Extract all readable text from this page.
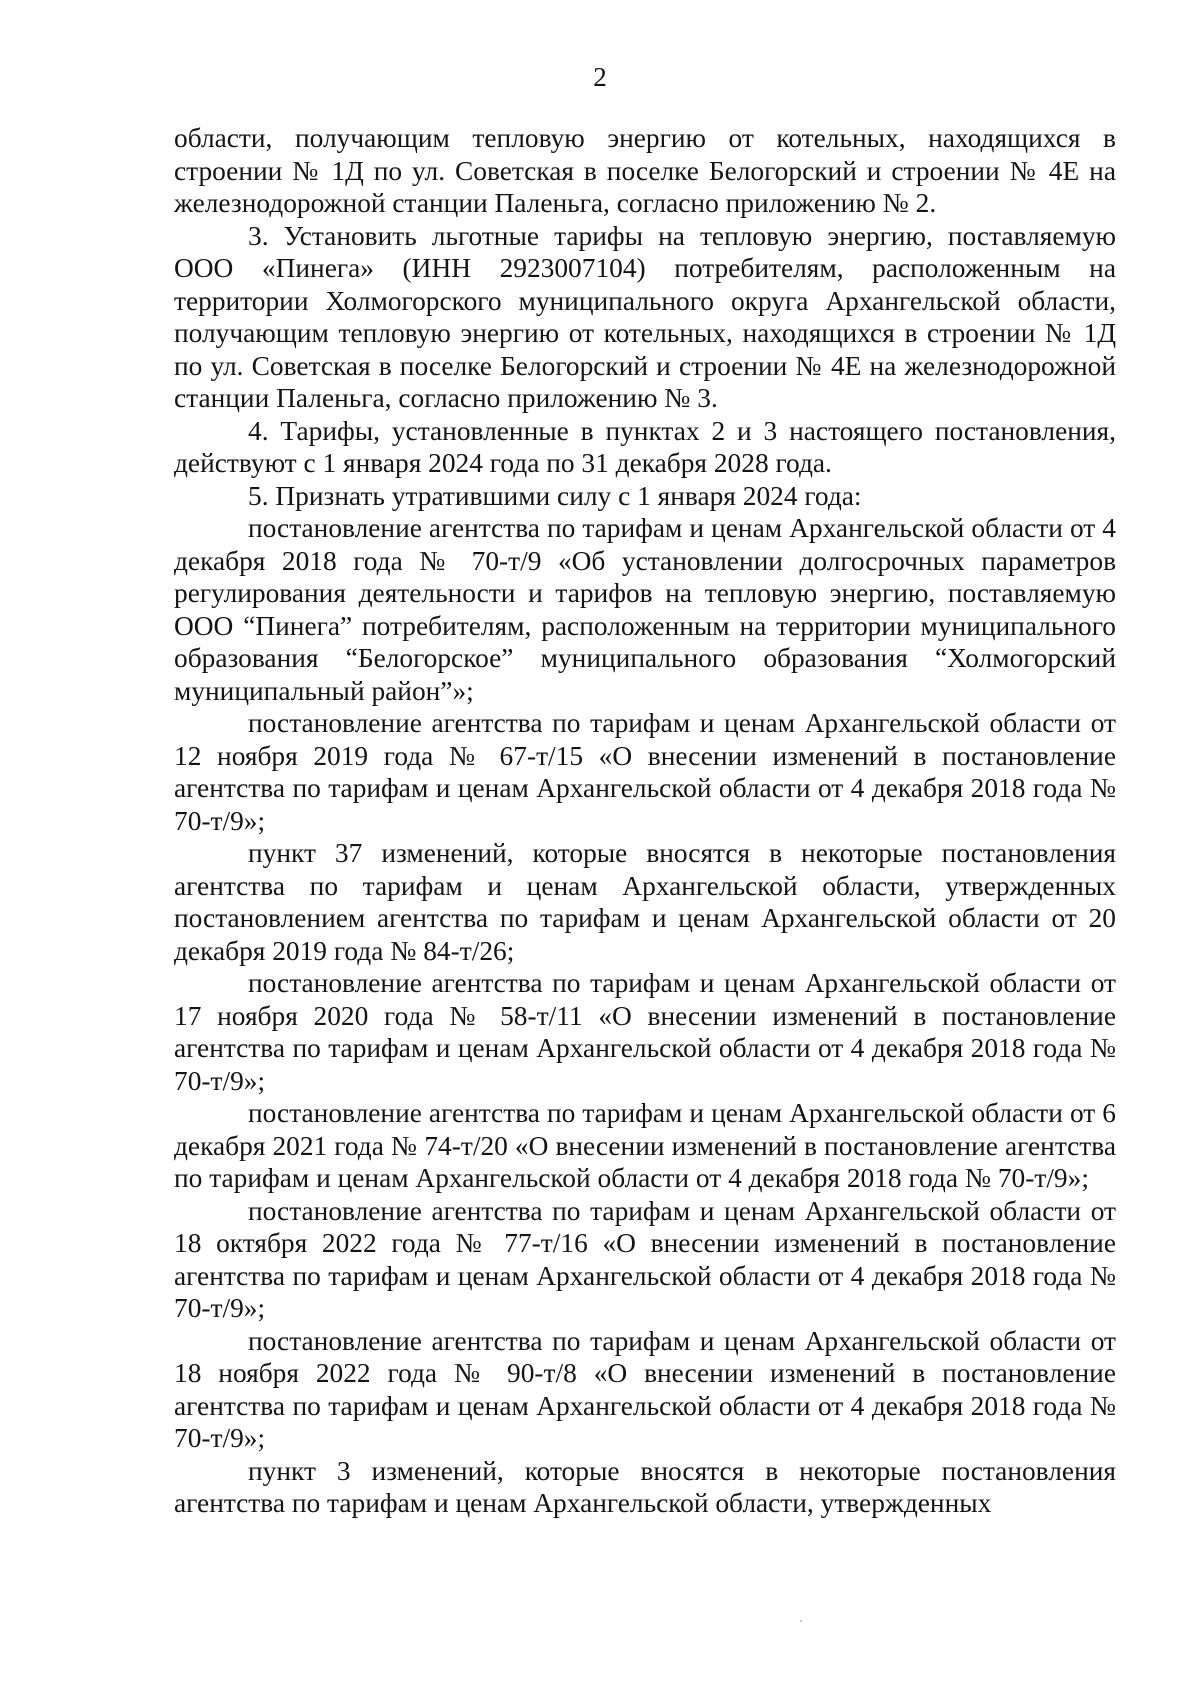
2

области, получающим тепловую энергию от котельных, находящихся в строении № 1Д по ул. Советская в поселке Белогорский и строении № 4Е на железнодорожной станции Паленьга, согласно приложению № 2.

3. Установить льготные тарифы на тепловую энергию, поставляемую ООО «Пинега» (ИНН 2923007104) потребителям, расположенным на территории Холмогорского муниципального округа Архангельской области, получающим тепловую энергию от котельных, находящихся в строении № 1Д по ул. Советская в поселке Белогорский и строении № 4Е на железнодорожной станции Паленьга, согласно приложению № 3.

4. Тарифы, установленные в пунктах 2 и 3 настоящего постановления, действуют с 1 января 2024 года по 31 декабря 2028 года.

5. Признать утратившими силу с 1 января 2024 года:

постановление агентства по тарифам и ценам Архангельской области от 4 декабря 2018 года № 70-т/9 «Об установлении долгосрочных параметров регулирования деятельности и тарифов на тепловую энергию, поставляемую ООО “Пинега” потребителям, расположенным на территории муниципального образования “Белогорское” муниципального образования “Холмогорский муниципальный район”»;

постановление агентства по тарифам и ценам Архангельской области от 12 ноября 2019 года № 67-т/15 «О внесении изменений в постановление агентства по тарифам и ценам Архангельской области от 4 декабря 2018 года № 70-т/9»;

пункт 37 изменений, которые вносятся в некоторые постановления агентства по тарифам и ценам Архангельской области, утвержденных постановлением агентства по тарифам и ценам Архангельской области от 20 декабря 2019 года № 84-т/26;

постановление агентства по тарифам и ценам Архангельской области от 17 ноября 2020 года № 58-т/11 «О внесении изменений в постановление агентства по тарифам и ценам Архангельской области от 4 декабря 2018 года № 70-т/9»;

постановление агентства по тарифам и ценам Архангельской области от 6 декабря 2021 года № 74-т/20 «О внесении изменений в постановление агентства по тарифам и ценам Архангельской области от 4 декабря 2018 года № 70-т/9»;

постановление агентства по тарифам и ценам Архангельской области от 18 октября 2022 года № 77-т/16 «О внесении изменений в постановление агентства по тарифам и ценам Архангельской области от 4 декабря 2018 года № 70-т/9»;

постановление агентства по тарифам и ценам Архангельской области от 18 ноября 2022 года № 90-т/8 «О внесении изменений в постановление агентства по тарифам и ценам Архангельской области от 4 декабря 2018 года № 70-т/9»;

пункт 3 изменений, которые вносятся в некоторые постановления агентства по тарифам и ценам Архангельской области, утвержденных
